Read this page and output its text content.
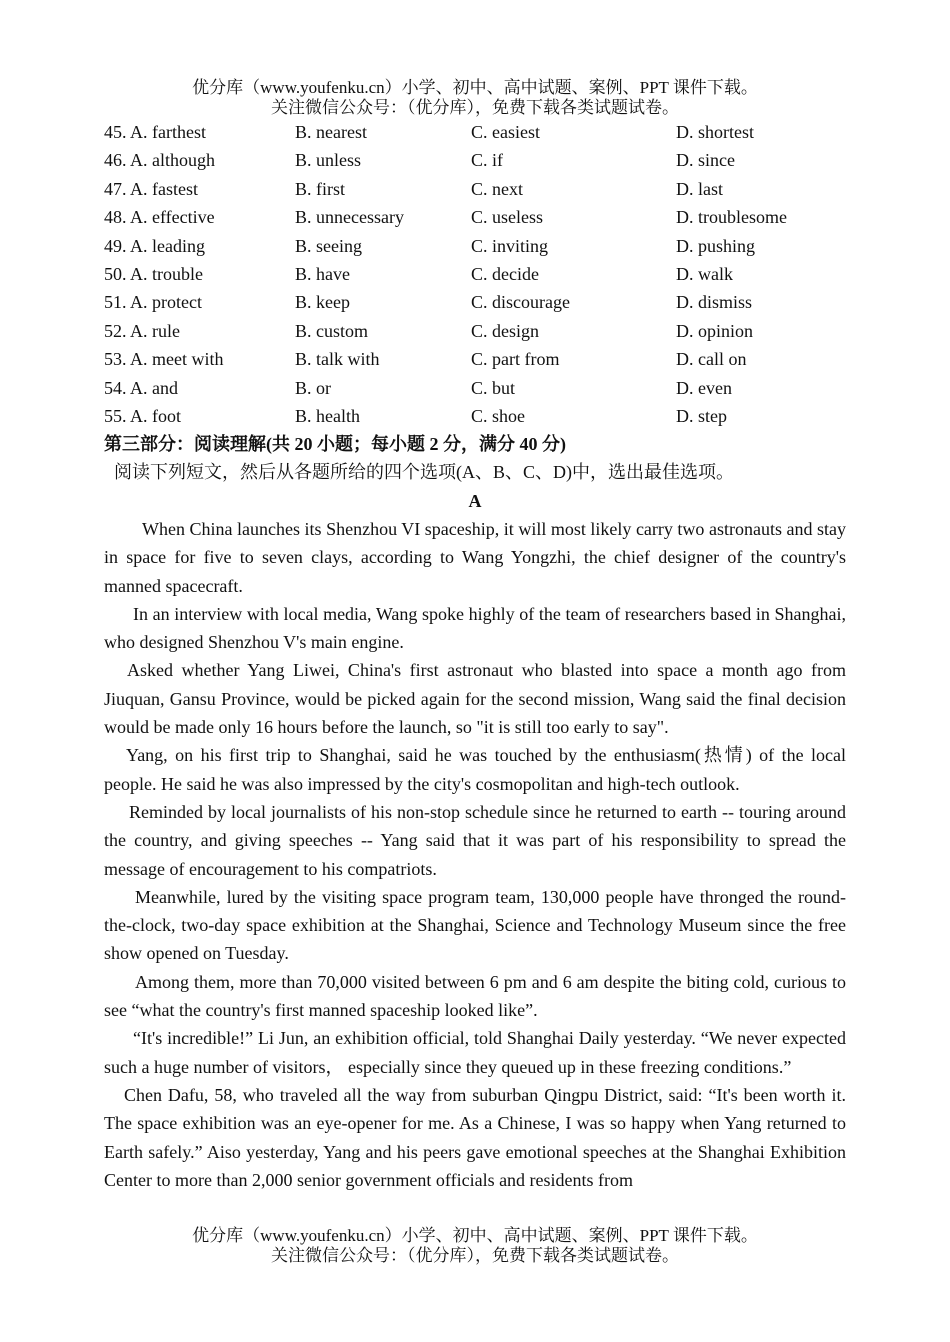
优分库（www.youfenku.cn）小学、初中、高中试题、案例、PPT 课件下载。
关注微信公众号：（优分库），免费下载各类试题试卷。
45. A. farthest	B. nearest	C. easiest	D. shortest
46. A. although	B. unless	C. if	D. since
47. A. fastest	B. first	C. next	D. last
48. A. effective	B. unnecessary	C. useless	D. troublesome
49. A. leading	B. seeing	C. inviting	D. pushing
50. A. trouble	B. have	C. decide	D. walk
51. A. protect	B. keep	C. discourage	D. dismiss
52. A. rule	B. custom	C. design	D. opinion
53. A. meet with	B. talk with	C. part from	D. call on
54. A. and	B. or	C. but	D. even
55. A. foot	B. health	C. shoe	D. step
第三部分：阅读理解(共 20 小题；每小题 2 分，满分 40 分)
阅读下列短文，然后从各题所给的四个选项(A、B、C、D)中，选出最佳选项。
A

When China launches its Shenzhou VI spaceship, it will most likely carry two astronauts and stay in space for five to seven clays, according to Wang Yongzhi, the chief designer of the country's manned spacecraft.

In an interview with local media, Wang spoke highly of the team of researchers based in Shanghai, who designed Shenzhou V's main engine.

Asked whether Yang Liwei, China's first astronaut who blasted into space a month ago from Jiuquan, Gansu Province, would be picked again for the second mission, Wang said the final decision would be made only 16 hours before the launch, so "it is still too early to say".

Yang, on his first trip to Shanghai, said he was touched by the enthusiasm(热情) of the local people. He said he was also impressed by the city's cosmopolitan and high-tech outlook.

Reminded by local journalists of his non-stop schedule since he returned to earth -- touring around the country, and giving speeches -- Yang said that it was part of his responsibility to spread the message of encouragement to his compatriots.

Meanwhile, lured by the visiting space program team, 130,000 people have thronged the round-the-clock, two-day space exhibition at the Shanghai, Science and Technology Museum since the free show opened on Tuesday.

Among them, more than 70,000 visited between 6 pm and 6 am despite the biting cold, curious to see “what the country's first manned spaceship looked like”.

“It's incredible!” Li Jun, an exhibition official, told Shanghai Daily yesterday. “We never expected such a huge number of visitors， especially since they queued up in these freezing conditions.”

Chen Dafu, 58, who traveled all the way from suburban Qingpu District, said: “It's been worth it. The space exhibition was an eye-opener for me. As a Chinese, I was so happy when Yang returned to Earth safely.” Aiso yesterday, Yang and his peers gave emotional speeches at the Shanghai Exhibition Center to more than 2,000 senior government officials and residents from

优分库（www.youfenku.cn）小学、初中、高中试题、案例、PPT 课件下载。
关注微信公众号：（优分库），免费下载各类试题试卷。
